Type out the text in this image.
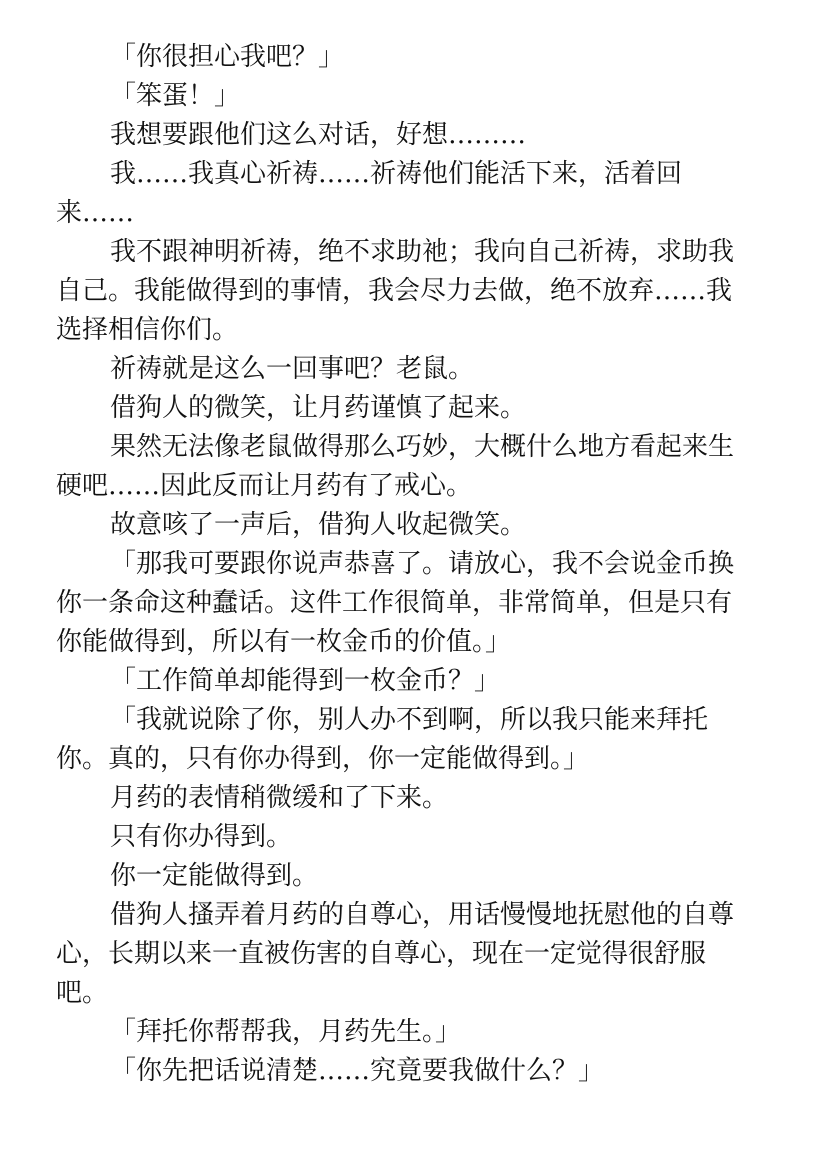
「你很担心我吧？」

「笨蛋！」

我想要跟他们这么对话，好想………

我……我真心祈祷……祈祷他们能活下来，活着回来……

我不跟神明祈祷，绝不求助祂；我向自己祈祷，求助我自己。我能做得到的事情，我会尽力去做，绝不放弃……我选择相信你们。

祈祷就是这么一回事吧？老鼠。

借狗人的微笑，让月药谨慎了起来。

果然无法像老鼠做得那么巧妙，大概什么地方看起来生硬吧……因此反而让月药有了戒心。

故意咳了一声后，借狗人收起微笑。

「那我可要跟你说声恭喜了。请放心，我不会说金币换你一条命这种蠢话。这件工作很简单，非常简单，但是只有你能做得到，所以有一枚金币的价值。」

「工作简单却能得到一枚金币？」

「我就说除了你，别人办不到啊，所以我只能来拜托你。真的，只有你办得到，你一定能做得到。」

月药的表情稍微缓和了下来。

只有你办得到。

你一定能做得到。

借狗人搔弄着月药的自尊心，用话慢慢地抚慰他的自尊心，长期以来一直被伤害的自尊心，现在一定觉得很舒服吧。

「拜托你帮帮我，月药先生。」

「你先把话说清楚……究竟要我做什么？」
